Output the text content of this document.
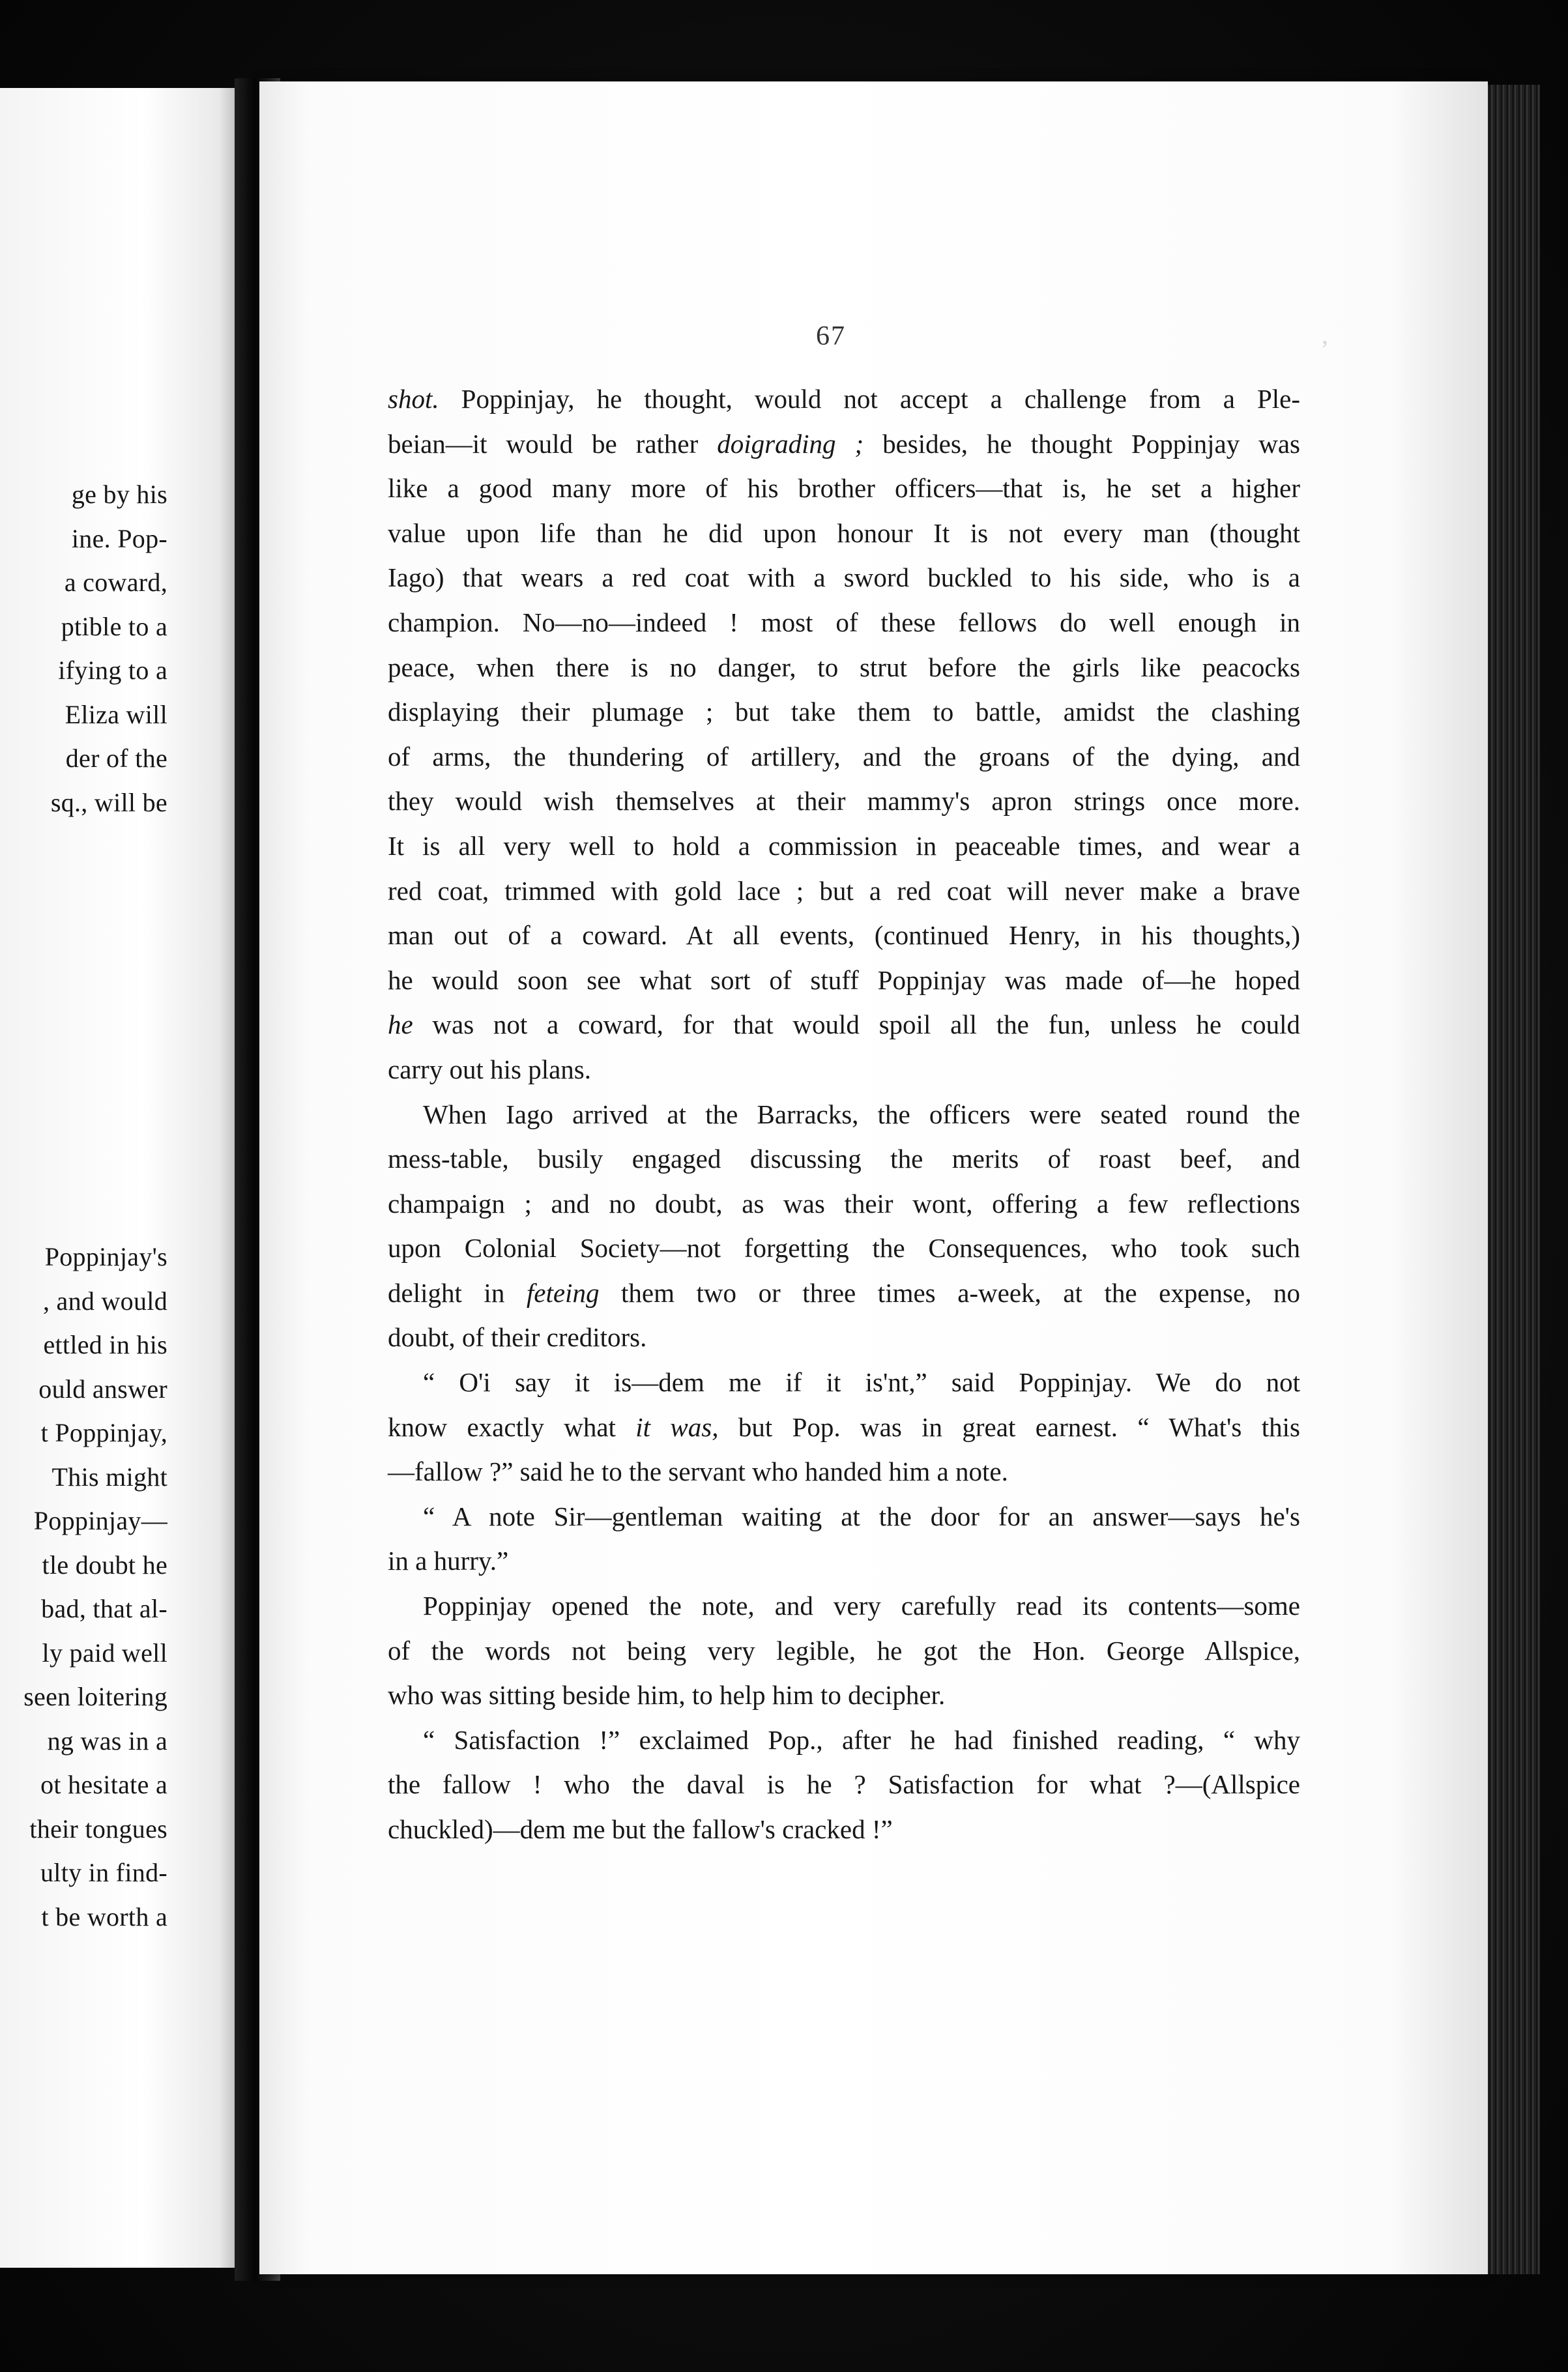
ge by his
ine. Pop-
a coward,
ptible to a
ifying to a
Eliza will
der of the
sq., will be
Poppinjay's
, and would
ettled in his
ould answer
t Poppinjay,
This might
Poppinjay—
tle doubt he
bad, that al-
ly paid well
seen loitering
ng was in a
ot hesitate a
their tongues
ulty in find-
t be worth a
67	,
shot. Poppinjay, he thought, would not accept a challenge from a Ple-
beian—it would be rather doigrading ; besides, he thought Poppinjay was
like a good many more of his brother officers—that is, he set a higher
value upon life than he did upon honour It is not every man (thought
Iago) that wears a red coat with a sword buckled to his side, who is a
champion. No—no—indeed ! most of these fellows do well enough in
peace, when there is no danger, to strut before the girls like peacocks
displaying their plumage ; but take them to battle, amidst the clashing
of arms, the thundering of artillery, and the groans of the dying, and
they would wish themselves at their mammy's apron strings once more.
It is all very well to hold a commission in peaceable times, and wear a
red coat, trimmed with gold lace ; but a red coat will never make a brave
man out of a coward. At all events, (continued Henry, in his thoughts,)
he would soon see what sort of stuff Poppinjay was made of—he hoped
he was not a coward, for that would spoil all the fun, unless he could
carry out his plans.
When Iago arrived at the Barracks, the officers were seated round the
mess-table, busily engaged discussing the merits of roast beef, and
champaign ; and no doubt, as was their wont, offering a few reflections
upon Colonial Society—not forgetting the Consequences, who took such
delight in feteing them two or three times a-week, at the expense, no
doubt, of their creditors.
“ O'i say it is—dem me if it is'nt,” said Poppinjay. We do not
know exactly what it was, but Pop. was in great earnest. “ What's this
—fallow ?” said he to the servant who handed him a note.
“ A note Sir—gentleman waiting at the door for an answer—says he's
in a hurry.”
Poppinjay opened the note, and very carefully read its contents—some
of the words not being very legible, he got the Hon. George Allspice,
who was sitting beside him, to help him to decipher.
“ Satisfaction !” exclaimed Pop., after he had finished reading, “ why
the fallow ! who the daval is he ? Satisfaction for what ?—(Allspice
chuckled)—dem me but the fallow's cracked !”
